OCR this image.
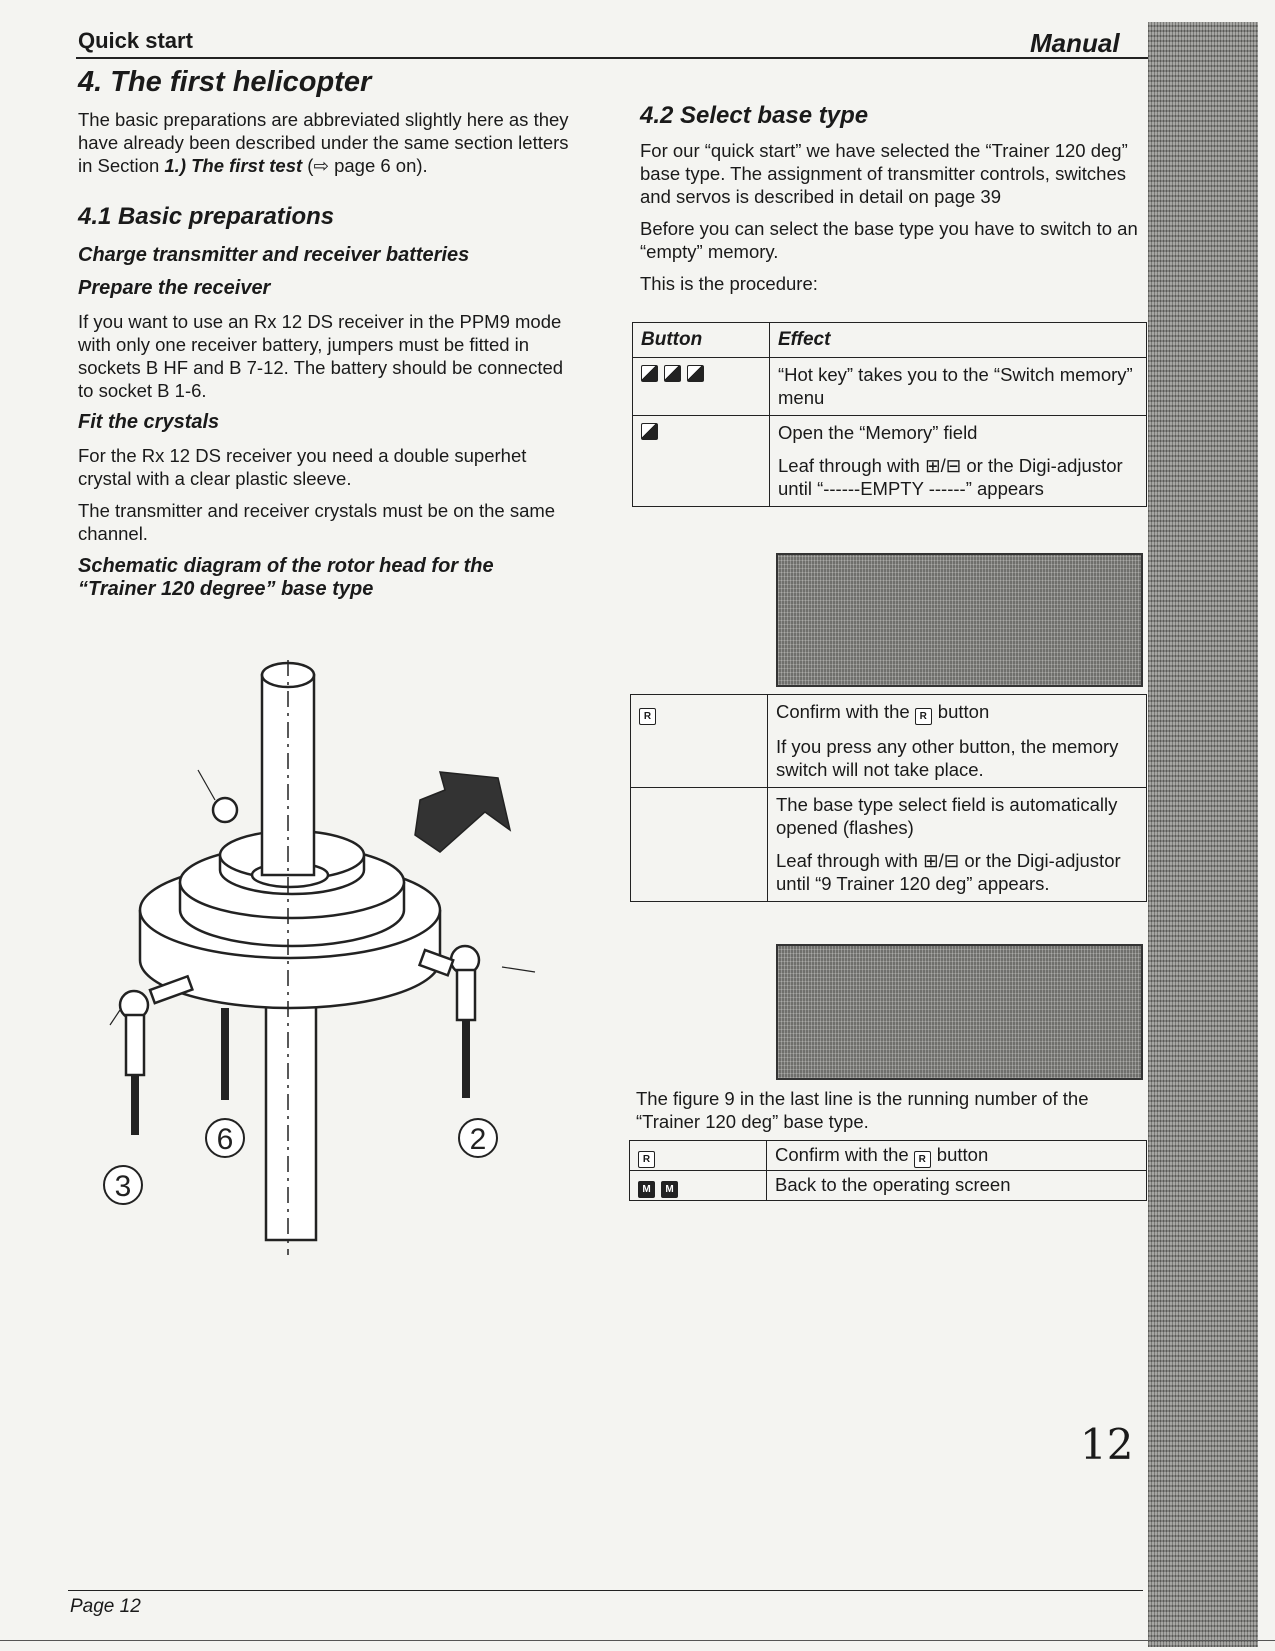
Quick start	Manual
4. The first helicopter

The basic preparations are abbreviated slightly here as they have already been described under the same section letters in Section 1.) The first test (⇨ page 6 on).

4.1 Basic preparations
Charge transmitter and receiver batteries
Prepare the receiver

If you want to use an Rx 12 DS receiver in the PPM9 mode with only one receiver battery, jumpers must be fitted in sockets B HF and B 7-12. The battery should be connected to socket B 1-6.

Fit the crystals

For the Rx 12 DS receiver you need a double superhet crystal with a clear plastic sleeve.

The transmitter and receiver crystals must be on the same channel.

Schematic diagram of the rotor head for the “Trainer 120 degree” base type
3
6	2
4.2 Select base type

For our “quick start” we have selected the “Trainer 120 deg” base type. The assignment of transmitter controls, switches and servos is described in detail on page 39

Before you can select the base type you have to switch to an “empty” memory.

This is the procedure:

Button	Effect
	“Hot key” takes you to the “Switch memory” menu

	Open the “Memory” field

Leaf through with ⊞/⊟ or the Digi-adjustor until “------EMPTY ------” appears

R	Confirm with the R button

If you press any other button, the memory switch will not take place.

	The base type select field is automatically opened (flashes)

Leaf through with ⊞/⊟ or the Digi-adjustor until “9 Trainer 120 deg” appears.

The figure 9 in the last line is the running number of the “Trainer 120 deg” base type.
R	Confirm with the R button
M M	Back to the operating screen
12
Page 12
